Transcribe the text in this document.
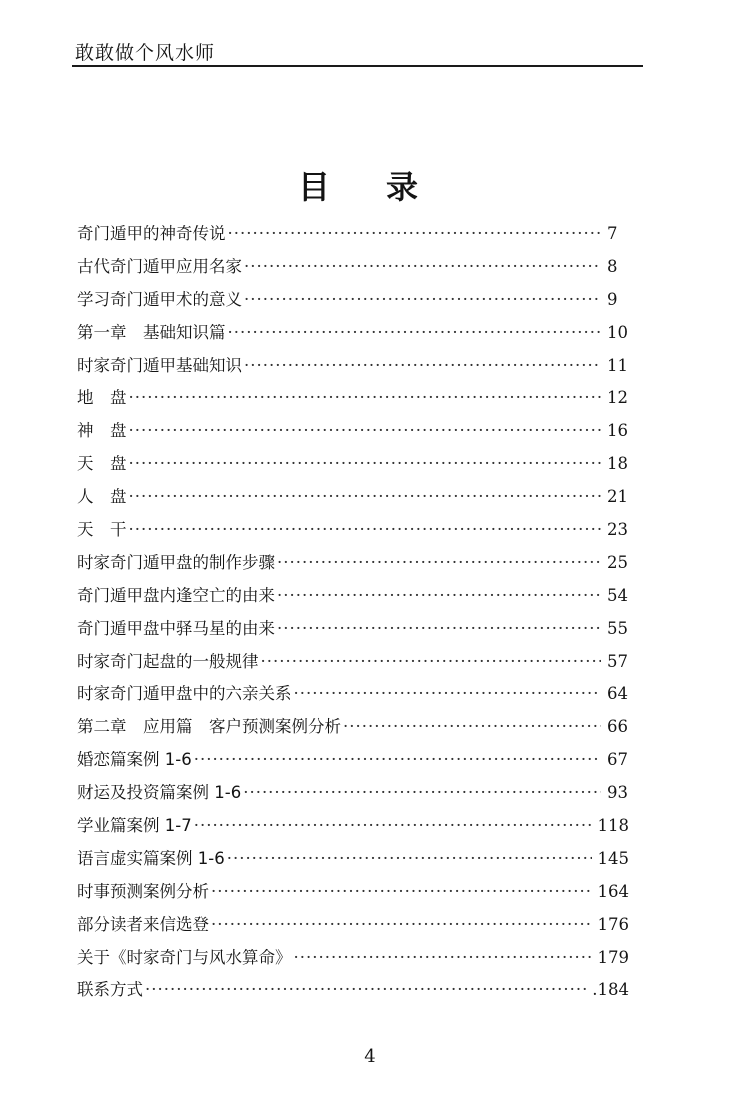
敢敢做个风水师
目录
奇门遁甲的神奇传说 ·····	7
古代奇门遁甲应用名家 ·····	8
学习奇门遁甲术的意义 ·····	9
第一章　基础知识篇 ·····	10
时家奇门遁甲基础知识 ·····	11
地　盘 ·····	12
神　盘 ·····	16
天　盘 ·····	18
人　盘 ·····	21
天　干 ·····	23
时家奇门遁甲盘的制作步骤 ·····	25
奇门遁甲盘内逢空亡的由来 ·····	54
奇门遁甲盘中驿马星的由来 ·····	55
时家奇门起盘的一般规律 ·····	57
时家奇门遁甲盘中的六亲关系 ·····	64
第二章　应用篇　客户预测案例分析 ·····	66
婚恋篇案例 1-6 ·····	67
财运及投资篇案例 1-6 ·····	93
学业篇案例 1-7 ·····	118
语言虚实篇案例 1-6 ·····	145
时事预测案例分析 ·····	164
部分读者来信选登 ·····	176
关于《时家奇门与风水算命》 ·····	179
联系方式 ·····	.184
4
